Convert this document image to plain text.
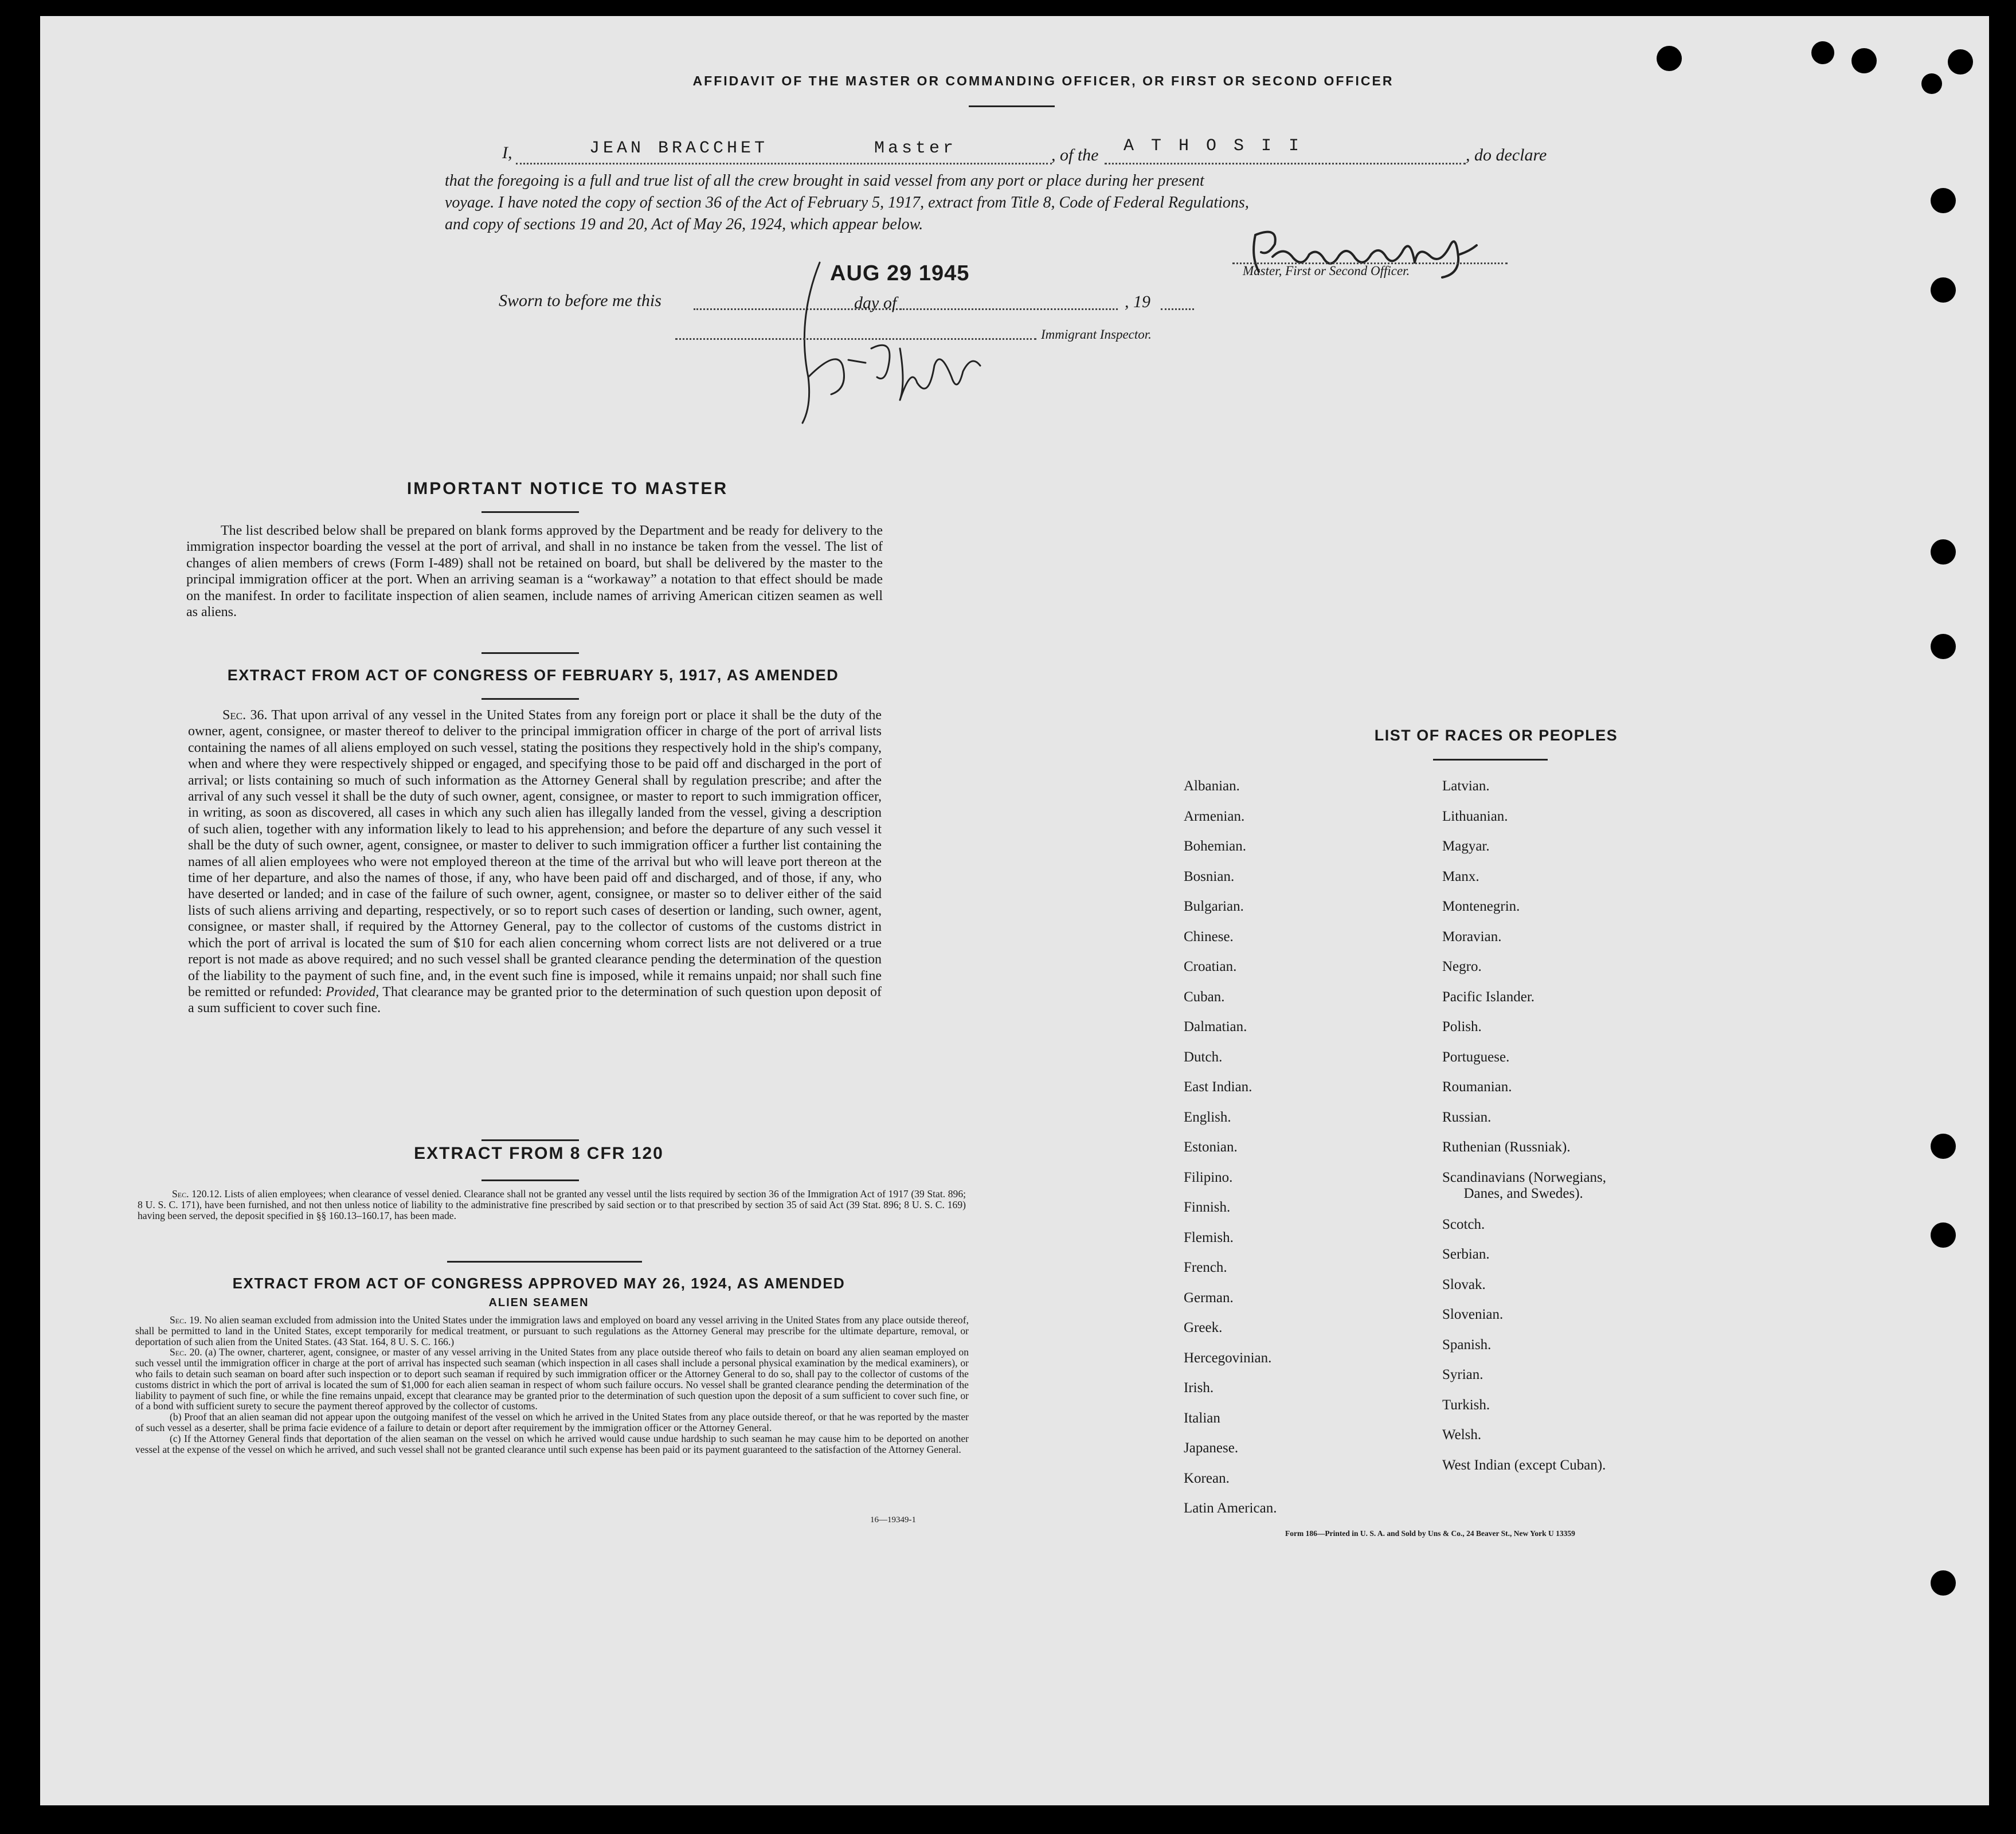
AFFIDAVIT OF THE MASTER OR COMMANDING OFFICER, OR FIRST OR SECOND OFFICER
I,	JEAN BRACCHET	Master	, of the A T H O S I I	, do declare
that the foregoing is a full and true list of all the crew brought in said vessel from any port or place during her present
voyage. I have noted the copy of section 36 of the Act of February 5, 1917, extract from Title 8, Code of Federal Regulations,
and copy of sections 19 and 20, Act of May 26, 1924, which appear below.
Master, First or Second Officer.
Sworn to before me this
AUG 29 1945
day of	, 19
Immigrant Inspector.
IMPORTANT NOTICE TO MASTER
The list described below shall be prepared on blank forms approved by the Department and be ready for delivery to the immigration inspector boarding the vessel at the port of arrival, and shall in no instance be taken from the vessel. The list of changes of alien members of crews (Form I-489) shall not be retained on board, but shall be delivered by the master to the principal immigration officer at the port. When an arriving seaman is a “workaway” a notation to that effect should be made on the manifest. In order to facilitate inspection of alien seamen, include names of arriving American citizen seamen as well as aliens.
EXTRACT FROM ACT OF CONGRESS OF FEBRUARY 5, 1917, AS AMENDED
Sec. 36. That upon arrival of any vessel in the United States from any foreign port or place it shall be the duty of the owner, agent, consignee, or master thereof to deliver to the principal immigration officer in charge of the port of arrival lists containing the names of all aliens employed on such vessel, stating the positions they respectively hold in the ship's company, when and where they were respectively shipped or engaged, and specifying those to be paid off and discharged in the port of arrival; or lists containing so much of such information as the Attorney General shall by regulation prescribe; and after the arrival of any such vessel it shall be the duty of such owner, agent, consignee, or master to report to such immigration officer, in writing, as soon as discovered, all cases in which any such alien has illegally landed from the vessel, giving a description of such alien, together with any information likely to lead to his apprehension; and before the departure of any such vessel it shall be the duty of such owner, agent, consignee, or master to deliver to such immigration officer a further list containing the names of all alien employees who were not employed thereon at the time of the arrival but who will leave port thereon at the time of her departure, and also the names of those, if any, who have been paid off and discharged, and of those, if any, who have deserted or landed; and in case of the failure of such owner, agent, consignee, or master so to deliver either of the said lists of such aliens arriving and departing, respectively, or so to report such cases of desertion or landing, such owner, agent, consignee, or master shall, if required by the Attorney General, pay to the collector of customs of the customs district in which the port of arrival is located the sum of $10 for each alien concerning whom correct lists are not delivered or a true report is not made as above required; and no such vessel shall be granted clearance pending the determination of the question of the liability to the payment of such fine, and, in the event such fine is imposed, while it remains unpaid; nor shall such fine be remitted or refunded: Provided, That clearance may be granted prior to the determination of such question upon deposit of a sum sufficient to cover such fine.
EXTRACT FROM 8 CFR 120
Sec. 120.12. Lists of alien employees; when clearance of vessel denied. Clearance shall not be granted any vessel until the lists required by section 36 of the Immigration Act of 1917 (39 Stat. 896; 8 U. S. C. 171), have been furnished, and not then unless notice of liability to the administrative fine prescribed by said section or to that prescribed by section 35 of said Act (39 Stat. 896; 8 U. S. C. 169) having been served, the deposit specified in §§ 160.13–160.17, has been made.
EXTRACT FROM ACT OF CONGRESS APPROVED MAY 26, 1924, AS AMENDED
ALIEN SEAMEN
Sec. 19. No alien seaman excluded from admission into the United States under the immigration laws and employed on board any vessel arriving in the United States from any place outside thereof, shall be permitted to land in the United States, except temporarily for medical treatment, or pursuant to such regulations as the Attorney General may prescribe for the ultimate departure, removal, or deportation of such alien from the United States. (43 Stat. 164, 8 U. S. C. 166.)
Sec. 20. (a) The owner, charterer, agent, consignee, or master of any vessel arriving in the United States from any place outside thereof who fails to detain on board any alien seaman employed on such vessel until the immigration officer in charge at the port of arrival has inspected such seaman (which inspection in all cases shall include a personal physical examination by the medical examiners), or who fails to detain such seaman on board after such inspection or to deport such seaman if required by such immigration officer or the Attorney General to do so, shall pay to the collector of customs of the customs district in which the port of arrival is located the sum of $1,000 for each alien seaman in respect of whom such failure occurs. No vessel shall be granted clearance pending the determination of the liability to payment of such fine, or while the fine remains unpaid, except that clearance may be granted prior to the determination of such question upon the deposit of a sum sufficient to cover such fine, or of a bond with sufficient surety to secure the payment thereof approved by the collector of customs.
(b) Proof that an alien seaman did not appear upon the outgoing manifest of the vessel on which he arrived in the United States from any place outside thereof, or that he was reported by the master of such vessel as a deserter, shall be prima facie evidence of a failure to detain or deport after requirement by the immigration officer or the Attorney General.
(c) If the Attorney General finds that deportation of the alien seaman on the vessel on which he arrived would cause undue hardship to such seaman he may cause him to be deported on another vessel at the expense of the vessel on which he arrived, and such vessel shall not be granted clearance until such expense has been paid or its payment guaranteed to the satisfaction of the Attorney General.
16—19349-1
LIST OF RACES OR PEOPLES
Albanian.
Armenian.
Bohemian.
Bosnian.
Bulgarian.
Chinese.
Croatian.
Cuban.
Dalmatian.
Dutch.
East Indian.
English.
Estonian.
Filipino.
Finnish.
Flemish.
French.
German.
Greek.
Hercegovinian.
Irish.
Italian
Japanese.
Korean.
Latin American.
Latvian.
Lithuanian.
Magyar.
Manx.
Montenegrin.
Moravian.
Negro.
Pacific Islander.
Polish.
Portuguese.
Roumanian.
Russian.
Ruthenian (Russniak).
Scandinavians (Norwegians,
Danes, and Swedes).
Scotch.
Serbian.
Slovak.
Slovenian.
Spanish.
Syrian.
Turkish.
Welsh.
West Indian (except Cuban).
Form 186—Printed in U. S. A. and Sold by Uns & Co., 24 Beaver St., New York U 13359
